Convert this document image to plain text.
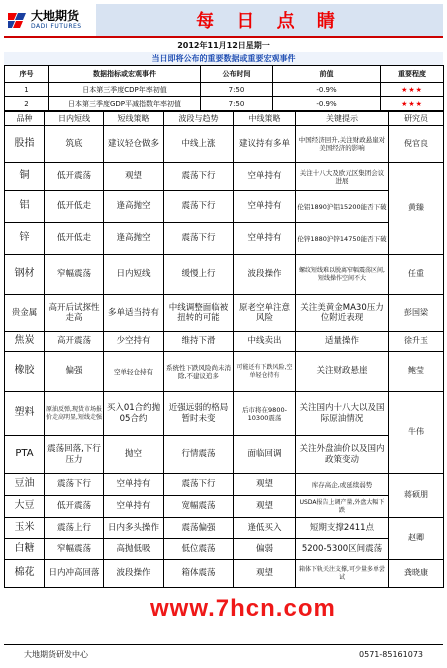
大地期货
DADI FUTURES	每 日 点 睛
2012年11月12日星期一
当日即将公布的重要数据或重要宏观事件
序号	数据指标或宏观事件	公布时间	前值	重要程度
1	日本第三季度CDP年率初值	7:50	-0.9%	★★★
2	日本第三季度GDP平减指数年率初值	7:50	-0.9%	★★★
品种	日内短线	短线策略	波段与趋势	中线策略	关键提示	研究员
股指	筑底	建议轻仓做多	中线上涨	建议持有多单	中国经济回升,关注财政悬崖对美国经济的影响	倪官良
铜	低开震荡	观望	震荡下行	空单持有	关注十八大及欧元区集团会议进展	黄臻
铝	低开低走	逢高抛空	震荡下行	空单持有	伦铝1890沪铝15200能否下破	
锌	低开低走	逢高抛空	震荡下行	空单持有	伦锌1880沪锌14750能否下破	
钢材	窄幅震荡	日内短线	缓慢上行	波段操作	螺纹短线难以脱离窄幅震荡区间,短线操作空间不大	任重
贵金属	高开后试探性走高	多单适当持有	中线调整面临被扭转的可能	原老空单注意风险	关注美黄金MA30压力位附近表现	彭国梁
焦炭	高开震荡	少空持有	维持下滑	中线卖出	适量操作	徐升玉
橡胶	偏强	空单轻仓持有	系统性下跌风险尚未消除,不建议追多	可能还有下跌风险,空单轻仓持有	关注财政悬崖	鲍莹
塑料	原油反弹,现货市场报价走高明显,短线走强	买入01合约抛05合约	近强远弱的格局暂时未变	后市将在9800-10300震荡	关注国内十八大以及国际原油情况	牛伟
PTA	震荡回落,下行压力	抛空	行情震荡	面临回调	关注外盘油价以及国内政策变动	
豆油	震荡下行	空单持有	震荡下行	观望	库存高企,或延续弱势	蒋硕朋
大豆	低开震荡	空单持有	宽幅震荡	观望	USDA报告上调产量,外盘大幅下跌	
玉米	震荡上行	日内多头操作	震荡偏强	逢低买入	短期支撑2411点	赵卿
白糖	窄幅震荡	高抛低吸	低位震荡	偏弱	5200-5300区间震荡	
棉花	日内冲高回落	波段操作	箱体震荡	观望	箱体下轨关注支撑,可少量多单尝试	龚晓康
www.7hcn.com
大地期货研发中心	0571-85161073
